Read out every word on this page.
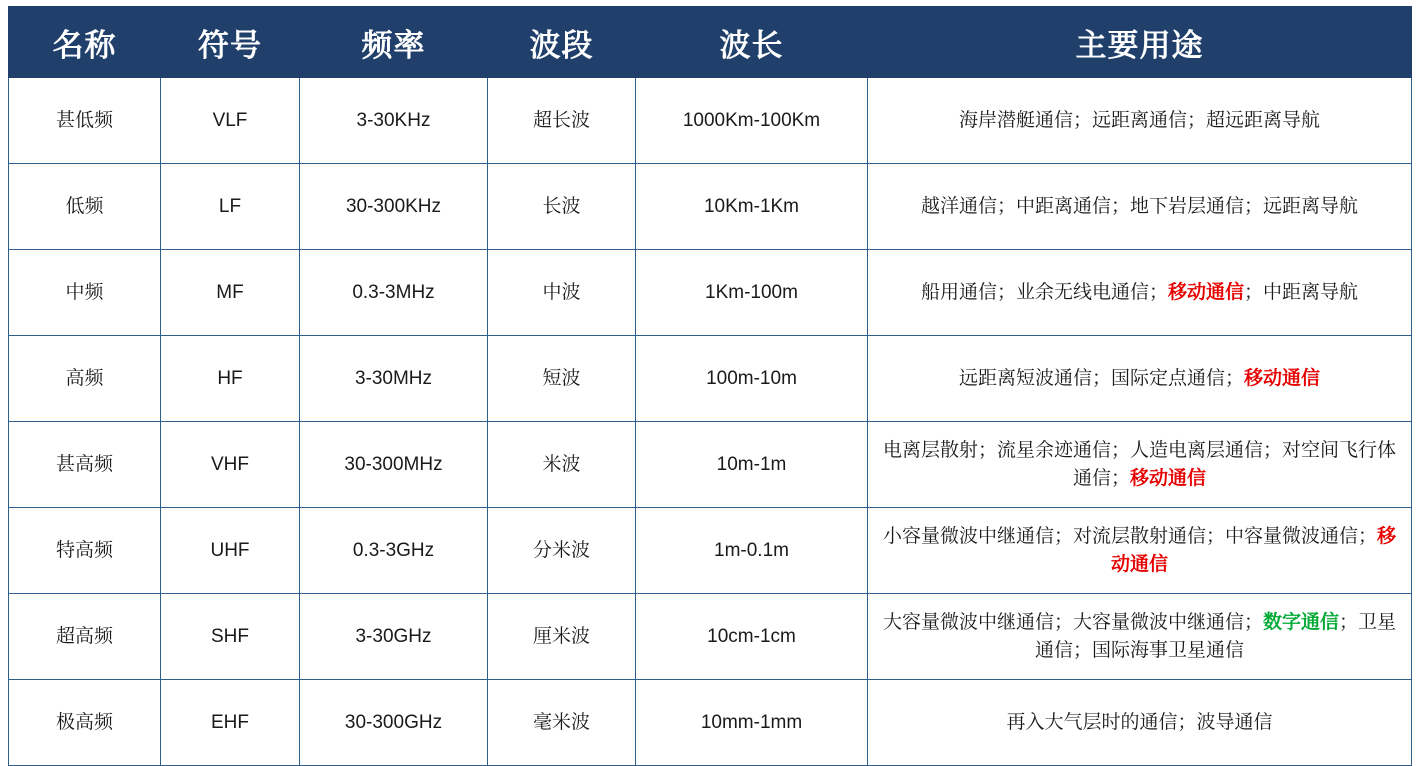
名称	符号	频率	波段	波长	主要用途
甚低频	VLF	3-30KHz	超长波	1000Km-100Km	海岸潜艇通信；远距离通信；超远距离导航
低频	LF	30-300KHz	长波	10Km-1Km	越洋通信；中距离通信；地下岩层通信；远距离导航
中频	MF	0.3-3MHz	中波	1Km-100m	船用通信；业余无线电通信；移动通信；中距离导航
高频	HF	3-30MHz	短波	100m-10m	远距离短波通信；国际定点通信；移动通信
甚高频	VHF	30-300MHz	米波	10m-1m	电离层散射；流星余迹通信；人造电离层通信；对空间飞行体通信；移动通信
特高频	UHF	0.3-3GHz	分米波	1m-0.1m	小容量微波中继通信；对流层散射通信；中容量微波通信；移动通信
超高频	SHF	3-30GHz	厘米波	10cm-1cm	大容量微波中继通信；大容量微波中继通信；数字通信；卫星通信；国际海事卫星通信
极高频	EHF	30-300GHz	毫米波	10mm-1mm	再入大气层时的通信；波导通信
